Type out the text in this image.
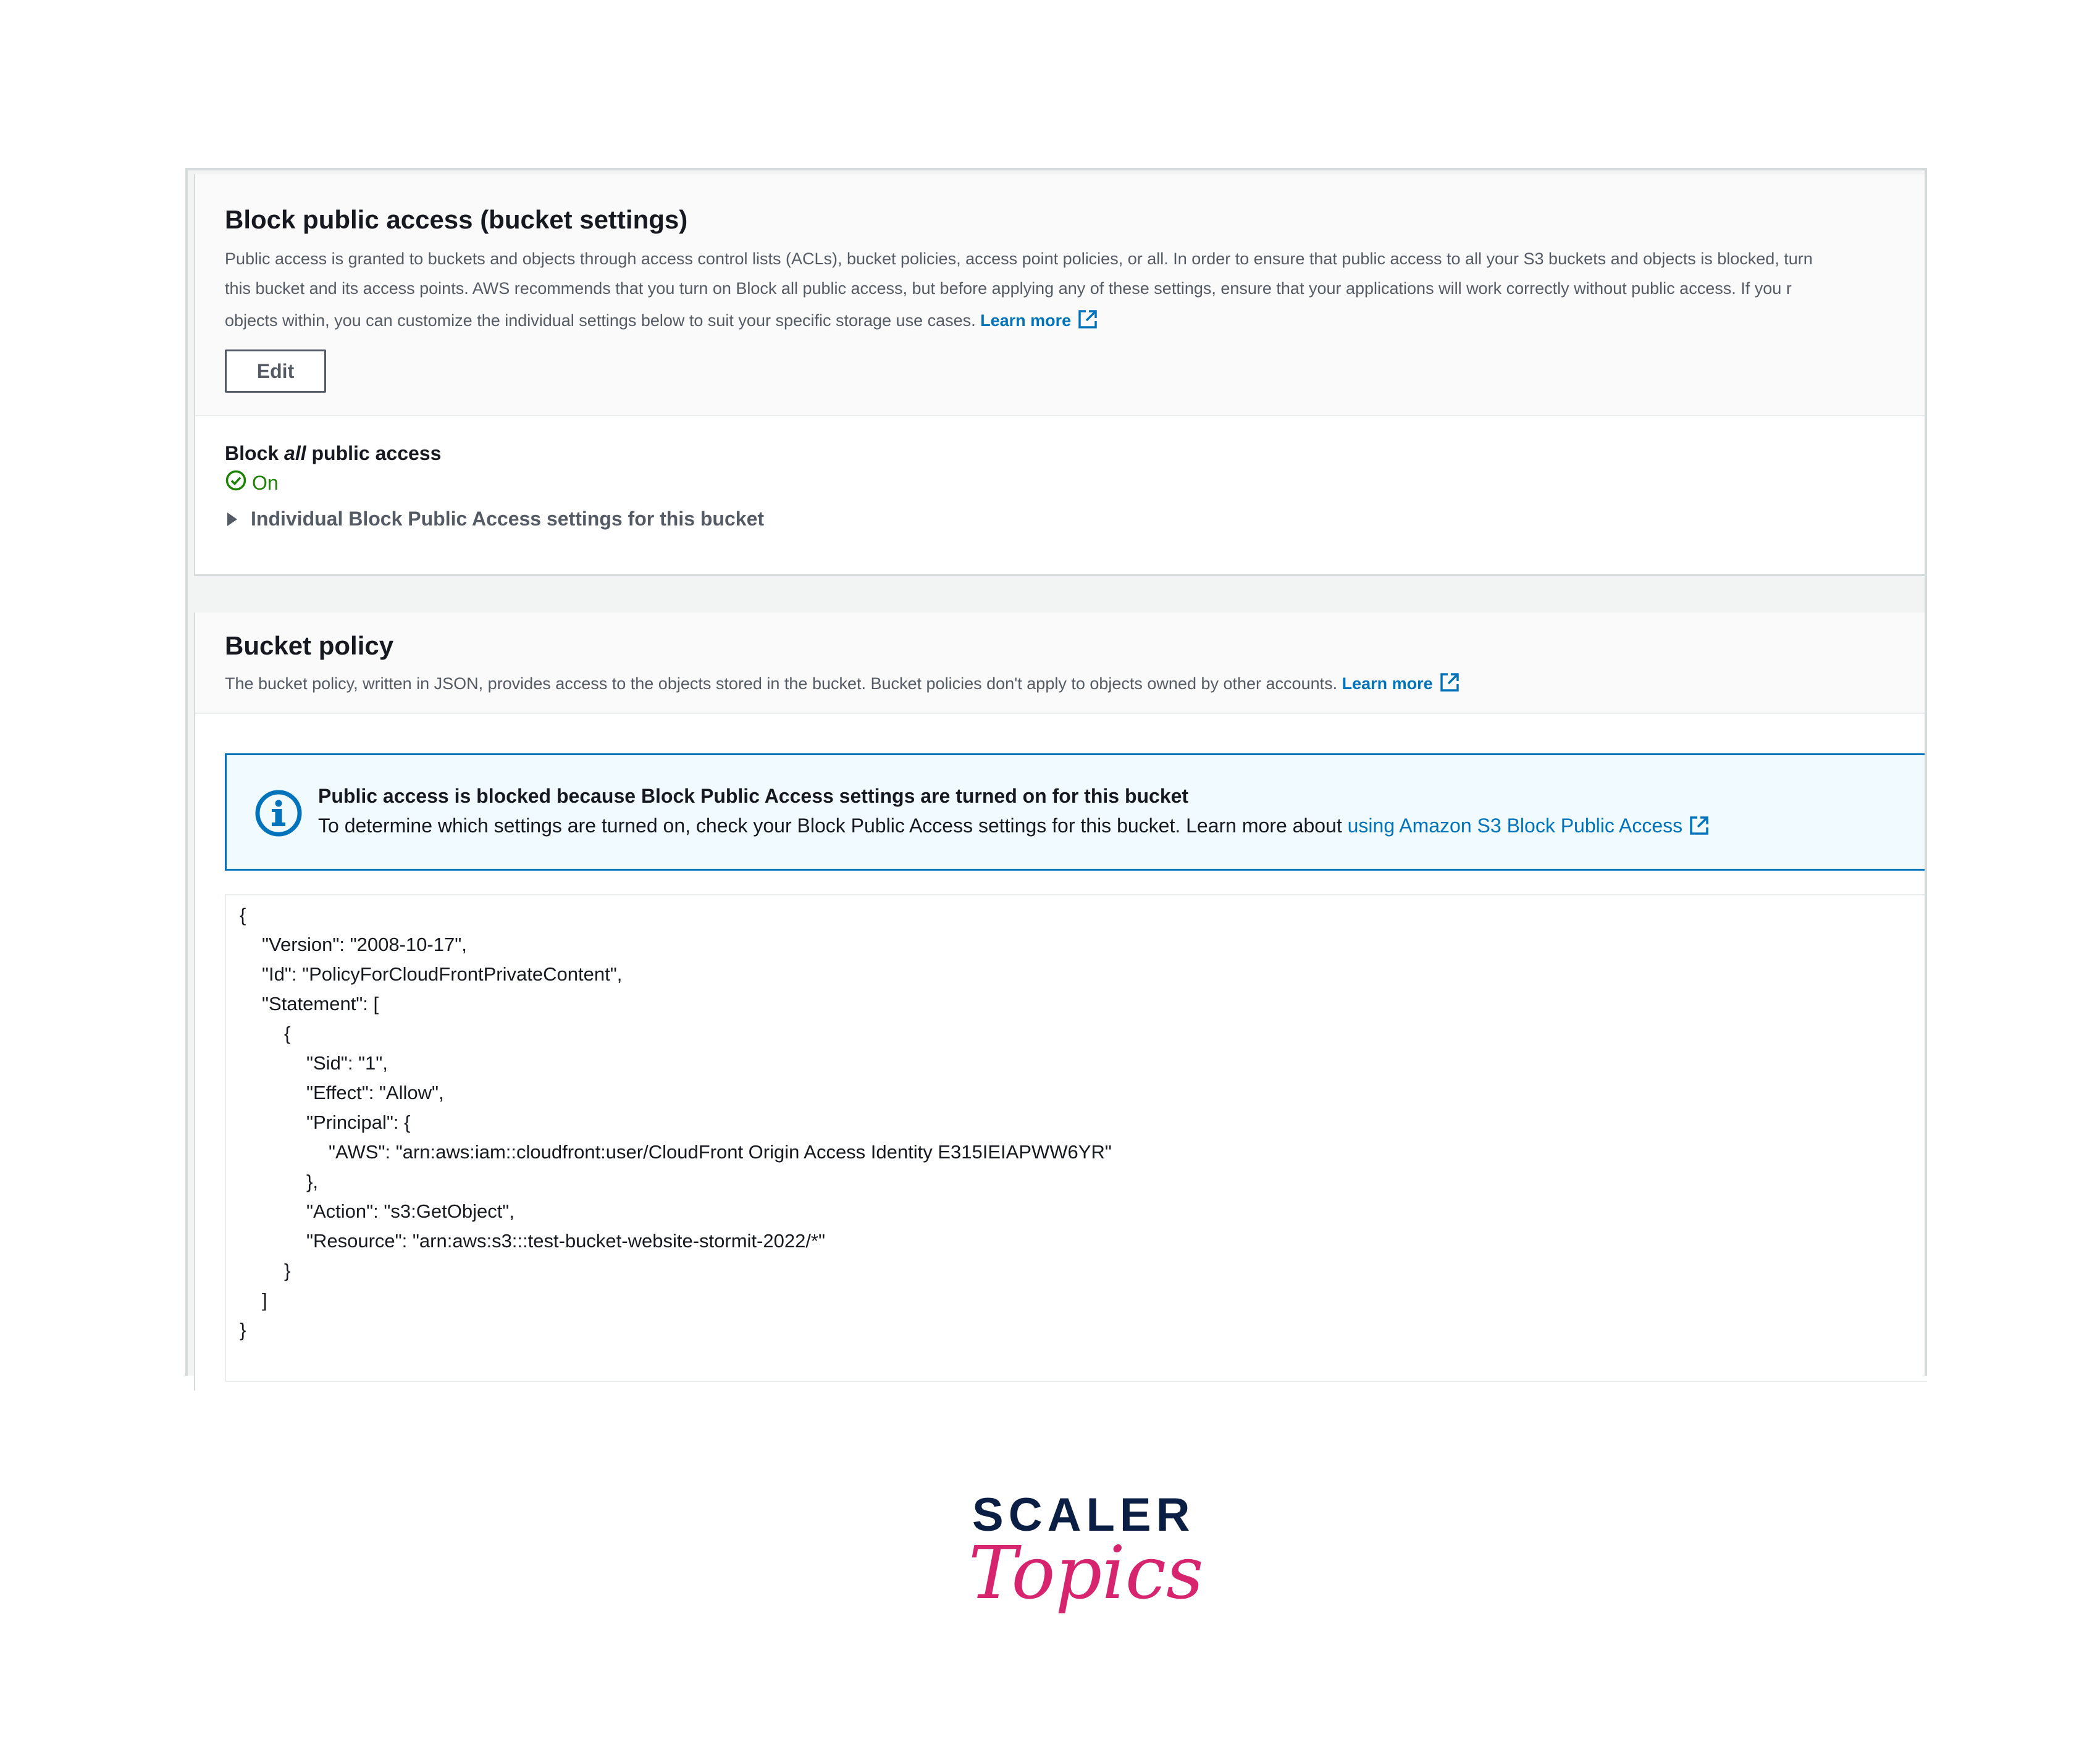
Block public access (bucket settings)
Public access is granted to buckets and objects through access control lists (ACLs), bucket policies, access point policies, or all. In order to ensure that public access to all your S3 buckets and objects is blocked, turn
this bucket and its access points. AWS recommends that you turn on Block all public access, but before applying any of these settings, ensure that your applications will work correctly without public access. If you r
objects within, you can customize the individual settings below to suit your specific storage use cases. Learn more
Edit
Block all public access
On
Individual Block Public Access settings for this bucket
Bucket policy
The bucket policy, written in JSON, provides access to the objects stored in the bucket. Bucket policies don't apply to objects owned by other accounts. Learn more
Public access is blocked because Block Public Access settings are turned on for this bucket
To determine which settings are turned on, check your Block Public Access settings for this bucket. Learn more about using Amazon S3 Block Public Access
{
"Version": "2008-10-17",
"Id": "PolicyForCloudFrontPrivateContent",
"Statement": [
{
"Sid": "1",
"Effect": "Allow",
"Principal": {
"AWS": "arn:aws:iam::cloudfront:user/CloudFront Origin Access Identity E315IEIAPWW6YR"
},
"Action": "s3:GetObject",
"Resource": "arn:aws:s3:::test-bucket-website-stormit-2022/*"
}
]
}
SCALER
Topics
